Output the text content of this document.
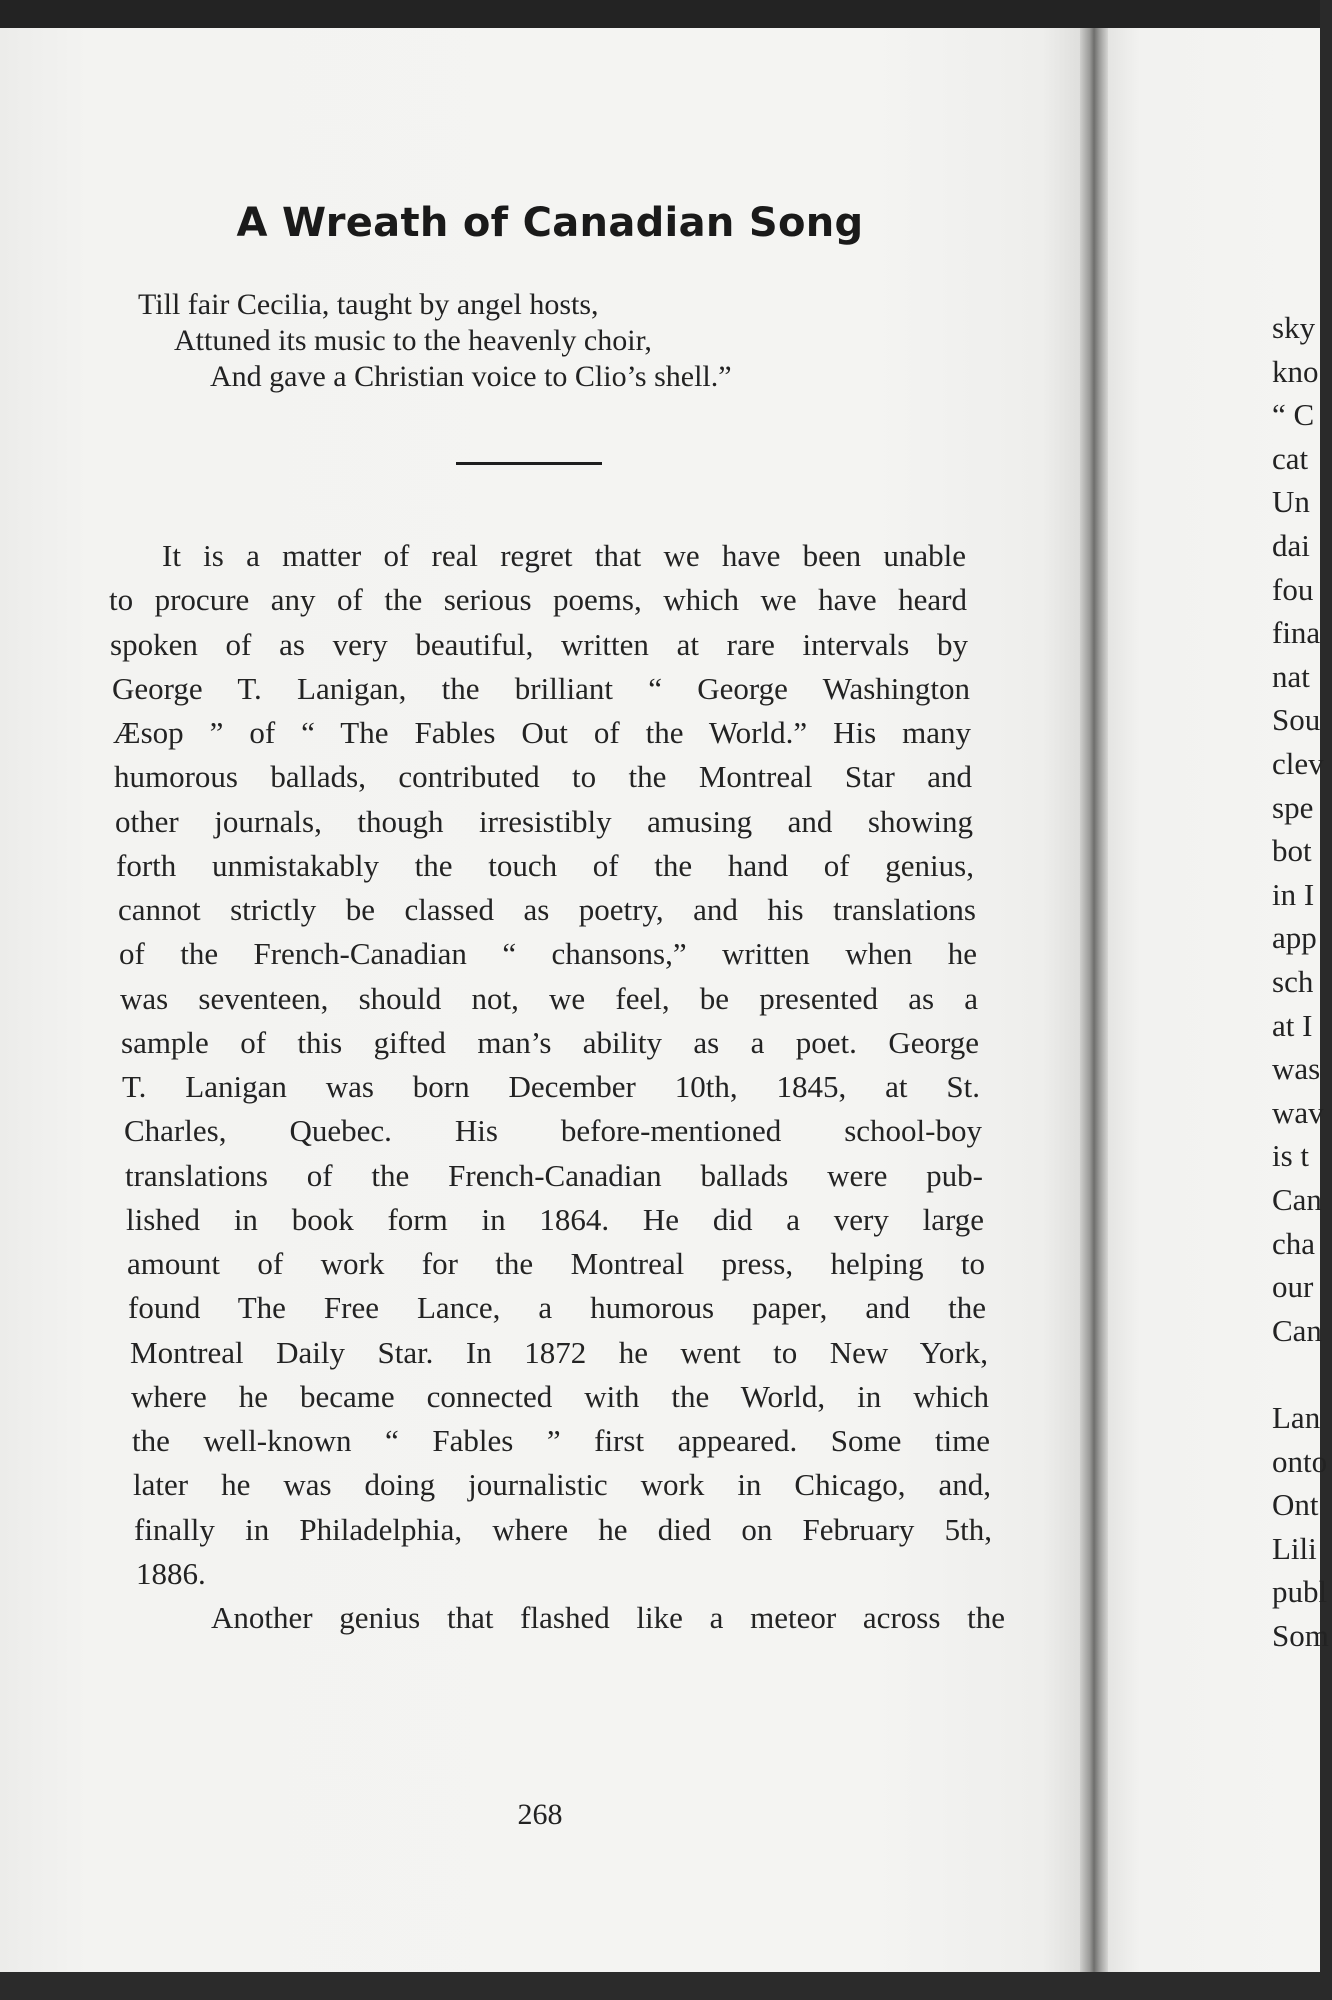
A Wreath of Canadian Song
Till fair Cecilia, taught by angel hosts,
Attuned its music to the heavenly choir,
And gave a Christian voice to Clio’s shell.”
It is a matter of real regret that we have been unable
to procure any of the serious poems, which we have heard
spoken of as very beautiful, written at rare intervals by
George T. Lanigan, the brilliant “ George Washington
Æsop ” of “ The Fables Out of the World.” His many
humorous ballads, contributed to the Montreal Star and
other journals, though irresistibly amusing and showing
forth unmistakably the touch of the hand of genius,
cannot strictly be classed as poetry, and his translations
of the French-Canadian “ chansons,” written when he
was seventeen, should not, we feel, be presented as a
sample of this gifted man’s ability as a poet. George
T. Lanigan was born December 10th, 1845, at St.
Charles, Quebec. His before-mentioned school-boy
translations of the French-Canadian ballads were pub-
lished in book form in 1864. He did a very large
amount of work for the Montreal press, helping to
found The Free Lance, a humorous paper, and the
Montreal Daily Star. In 1872 he went to New York,
where he became connected with the World, in which
the well-known “ Fables ” first appeared. Some time
later he was doing journalistic work in Chicago, and,
finally in Philadelphia, where he died on February 5th,
1886.
Another genius that flashed like a meteor across the
268
sky
kno
“ C
cat
Un
dai
fou
fina
nat
Sou
clev
spe
bot
in I
app
sch
at I
was
wav
is t
Can
cha
our
Can
Lan
onto
Ont
Lili
publ
Som
